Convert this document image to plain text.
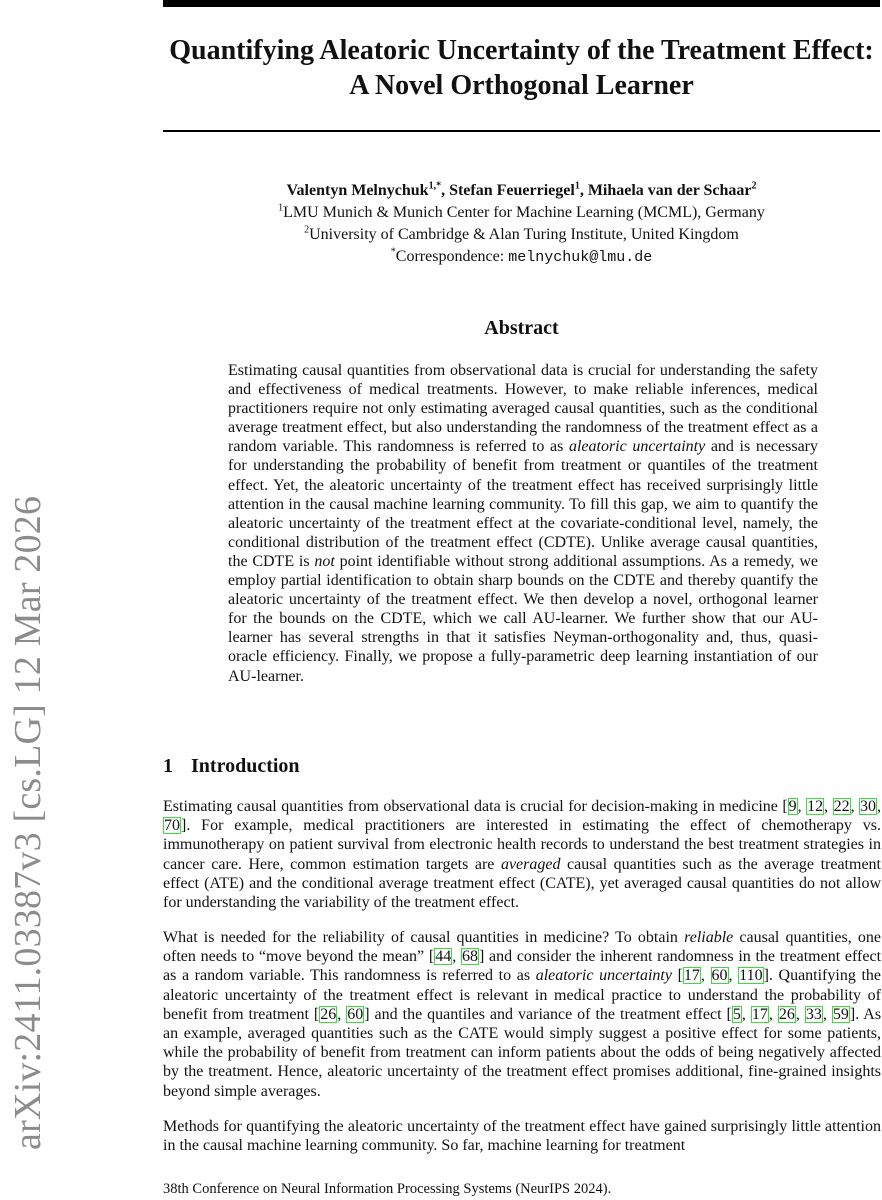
arXiv:2411.03387v3 [cs.LG] 12 Mar 2026
Quantifying Aleatoric Uncertainty of the Treatment Effect: A Novel Orthogonal Learner
Valentyn Melnychuk$^{1,*}$, Stefan Feuerriegel$^1$, Mihaela van der Schaar$^2$
$^1$LMU Munich & Munich Center for Machine Learning (MCML), Germany
$^2$University of Cambridge & Alan Turing Institute, United Kingdom
*Correspondence: melnychuk@lmu.de
Abstract

Estimating causal quantities from observational data is crucial for understanding the safety and effectiveness of medical treatments. However, to make reliable inferences, medical practitioners require not only estimating averaged causal quantities, such as the conditional average treatment effect, but also understanding the randomness of the treatment effect as a random variable. This randomness is referred to as aleatoric uncertainty and is necessary for understanding the probability of benefit from treatment or quantiles of the treatment effect. Yet, the aleatoric uncertainty of the treatment effect has received surprisingly little attention in the causal machine learning community. To fill this gap, we aim to quantify the aleatoric uncertainty of the treatment effect at the covariate-conditional level, namely, the conditional distribution of the treatment effect (CDTE). Unlike average causal quantities, the CDTE is not point identifiable without strong additional assumptions. As a remedy, we employ partial identification to obtain sharp bounds on the CDTE and thereby quantify the aleatoric uncertainty of the treatment effect. We then develop a novel, orthogonal learner for the bounds on the CDTE, which we call AU-learner. We further show that our AU-learner has several strengths in that it satisfies Neyman-orthogonality and, thus, quasi-oracle efficiency. Finally, we propose a fully-parametric deep learning instantiation of our AU-learner.

1 Introduction

Estimating causal quantities from observational data is crucial for decision-making in medicine [9, 12, 22, 30, 70]. For example, medical practitioners are interested in estimating the effect of chemotherapy vs. immunotherapy on patient survival from electronic health records to understand the best treatment strategies in cancer care. Here, common estimation targets are averaged causal quantities such as the average treatment effect (ATE) and the conditional average treatment effect (CATE), yet averaged causal quantities do not allow for understanding the variability of the treatment effect.

What is needed for the reliability of causal quantities in medicine? To obtain reliable causal quantities, one often needs to “move beyond the mean” [44, 68] and consider the inherent randomness in the treatment effect as a random variable. This randomness is referred to as aleatoric uncertainty [17, 60, 110]. Quantifying the aleatoric uncertainty of the treatment effect is relevant in medical practice to understand the probability of benefit from treatment [26, 60] and the quantiles and variance of the treatment effect [5, 17, 26, 33, 59]. As an example, averaged quantities such as the CATE would simply suggest a positive effect for some patients, while the probability of benefit from treatment can inform patients about the odds of being negatively affected by the treatment. Hence, aleatoric uncertainty of the treatment effect promises additional, fine-grained insights beyond simple averages.

Methods for quantifying the aleatoric uncertainty of the treatment effect have gained surprisingly little attention in the causal machine learning community. So far, machine learning for treatment

38th Conference on Neural Information Processing Systems (NeurIPS 2024).
